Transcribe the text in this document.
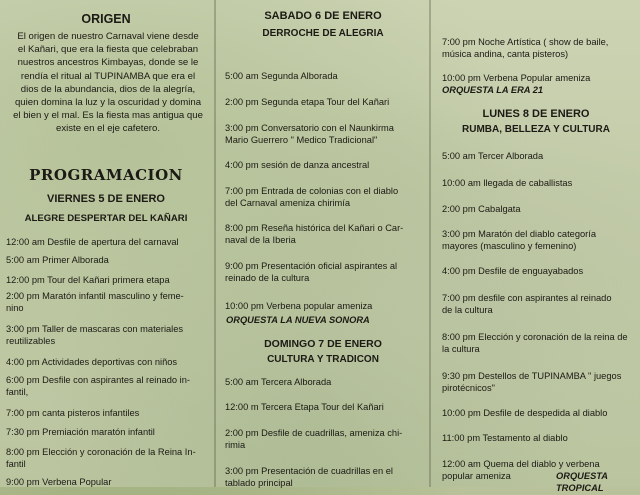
ORIGEN
El origen de nuestro Carnaval viene desde
el Kañari, que era la fiesta que celebraban
nuestros ancestros Kimbayas, donde se le
rendía el ritual al TUPINAMBA que era el
dios de la abundancia, dios de la alegría,
quien domina la luz y la oscuridad y domina
el bien y el mal. Es la fiesta mas antigua que
existe en el eje cafetero.
PROGRAMACION
VIERNES 5 DE ENERO
ALEGRE DESPERTAR DEL KAÑARI
12:00 am Desfile de apertura del carnaval
5:00 am Primer Alborada
12:00 pm Tour del Kañari primera etapa
2:00 pm Maratón infantil masculino y feme-
nino
3:00 pm Taller de mascaras con materiales
reutilizables
4:00 pm Actividades deportivas con niños
6:00 pm Desfile con aspirantes al reinado in-
fantil,
7:00 pm canta pisteros infantiles
7:30 pm Premiación maratón infantil
8:00 pm Elección y coronación de la Reina In-
fantil
9:00 pm Verbena Popular
SABADO 6 DE ENERO
DERROCHE DE ALEGRIA
5:00 am Segunda Alborada
2:00 pm Segunda etapa Tour del Kañari
3:00 pm Conversatorio con el Naunkirma
Mario Guerrero " Medico Tradicional"
4:00 pm sesión de danza ancestral
7:00 pm Entrada de colonias con el diablo
del Carnaval ameniza chirimía
8:00 pm Reseña histórica del Kañari o Car-
naval de la Iberia
9:00 pm Presentación oficial aspirantes al
reinado de la cultura
10:00 pm Verbena popular ameniza
ORQUESTA LA NUEVA SONORA
DOMINGO 7 DE ENERO
CULTURA Y TRADICON
5:00 am Tercera Alborada
12:00 m Tercera Etapa Tour del Kañari
2:00 pm Desfile de cuadrillas, ameniza chi-
rimia
3:00 pm Presentación de cuadrillas en el
tablado principal
7:00 pm Noche Artística ( show de baile,
música andina, canta pisteros)
10:00 pm Verbena Popular ameniza
ORQUESTA LA ERA 21
LUNES 8 DE ENERO
RUMBA, BELLEZA Y CULTURA
5:00 am Tercer Alborada
10:00 am llegada de caballistas
2:00 pm Cabalgata
3:00 pm Maratón del diablo categoría
mayores (masculino y femenino)
4:00 pm Desfile de enguayabados
7:00 pm desfile con aspirantes al reinado
de la cultura
8:00 pm Elección y coronación de la reina de
la cultura
9:30 pm Destellos de TUPINAMBA " juegos
pirotécnicos"
10:00 pm Desfile de despedida al diablo
11:00 pm Testamento al diablo
12:00 am Quema del diablo y verbena
popular ameniza	ORQUESTA TROPICAL
